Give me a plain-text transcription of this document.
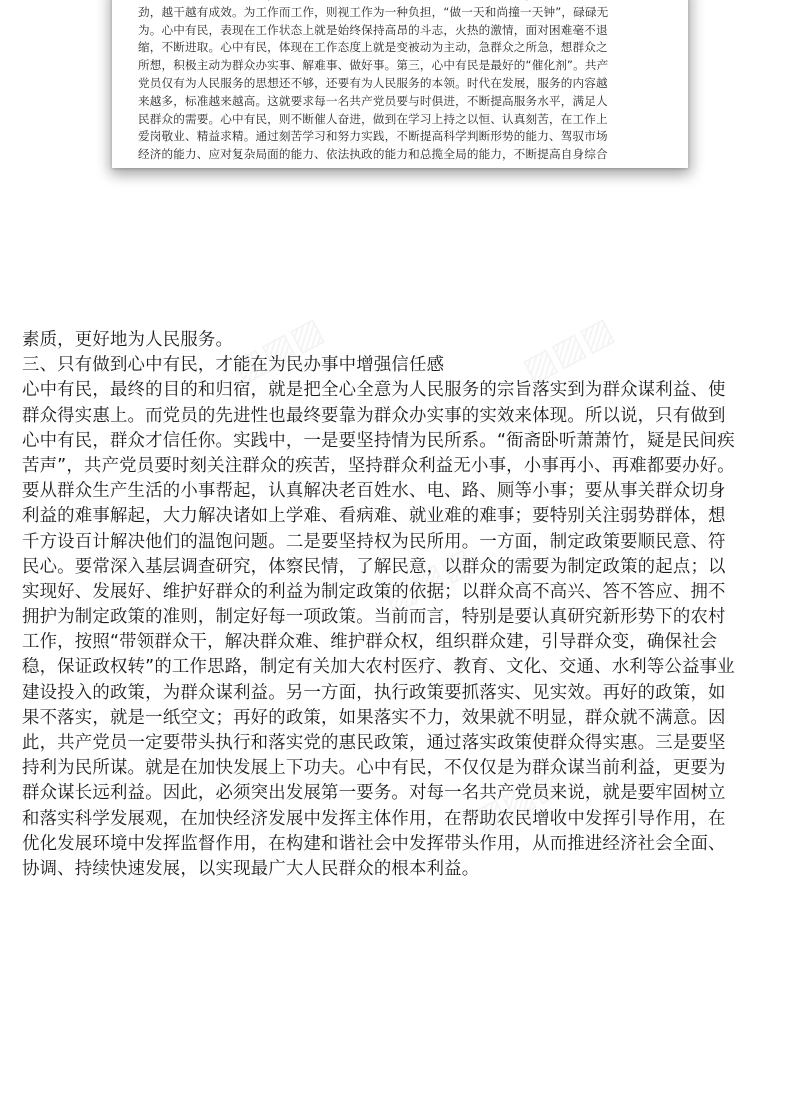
劲，越干越有成效。为工作而工作，则视工作为一种负担，“做一天和尚撞一天钟”，碌碌无
为。心中有民，表现在工作状态上就是始终保持高昂的斗志，火热的激情，面对困难毫不退
缩，不断进取。心中有民，体现在工作态度上就是变被动为主动，急群众之所急，想群众之
所想，积极主动为群众办实事、解难事、做好事。第三，心中有民是最好的“催化剂”。共产
党员仅有为人民服务的思想还不够，还要有为人民服务的本领。时代在发展，服务的内容越
来越多，标准越来越高。这就要求每一名共产党员要与时俱进，不断提高服务水平，满足人
民群众的需要。心中有民，则不断催人奋进，做到在学习上持之以恒、认真刻苦，在工作上
爱岗敬业、精益求精。通过刻苦学习和努力实践，不断提高科学判断形势的能力、驾驭市场
经济的能力、应对复杂局面的能力、依法执政的能力和总揽全局的能力，不断提高自身综合
素质，更好地为人民服务。
三、只有做到心中有民，才能在为民办事中增强信任感
心中有民，最终的目的和归宿，就是把全心全意为人民服务的宗旨落实到为群众谋利益、使
群众得实惠上。而党员的先进性也最终要靠为群众办实事的实效来体现。所以说，只有做到
心中有民，群众才信任你。实践中，一是要坚持情为民所系。“衙斋卧听萧萧竹，疑是民间疾
苦声”，共产党员要时刻关注群众的疾苦，坚持群众利益无小事，小事再小、再难都要办好。
要从群众生产生活的小事帮起，认真解决老百姓水、电、路、厕等小事；要从事关群众切身
利益的难事解起，大力解决诸如上学难、看病难、就业难的难事；要特别关注弱势群体，想
千方设百计解决他们的温饱问题。二是要坚持权为民所用。一方面，制定政策要顺民意、符
民心。要常深入基层调查研究，体察民情，了解民意，以群众的需要为制定政策的起点；以
实现好、发展好、维护好群众的利益为制定政策的依据；以群众高不高兴、答不答应、拥不
拥护为制定政策的准则，制定好每一项政策。当前而言，特别是要认真研究新形势下的农村
工作，按照“带领群众干，解决群众难、维护群众权，组织群众建，引导群众变，确保社会
稳，保证政权转”的工作思路，制定有关加大农村医疗、教育、文化、交通、水利等公益事业
建设投入的政策，为群众谋利益。另一方面，执行政策要抓落实、见实效。再好的政策，如
果不落实，就是一纸空文；再好的政策，如果落实不力，效果就不明显，群众就不满意。因
此，共产党员一定要带头执行和落实党的惠民政策，通过落实政策使群众得实惠。三是要坚
持利为民所谋。就是在加快发展上下功夫。心中有民，不仅仅是为群众谋当前利益，更要为
群众谋长远利益。因此，必须突出发展第一要务。对每一名共产党员来说，就是要牢固树立
和落实科学发展观，在加快经济发展中发挥主体作用，在帮助农民增收中发挥引导作用，在
优化发展环境中发挥监督作用，在构建和谐社会中发挥带头作用，从而推进经济社会全面、
协调、持续快速发展，以实现最广大人民群众的根本利益。
